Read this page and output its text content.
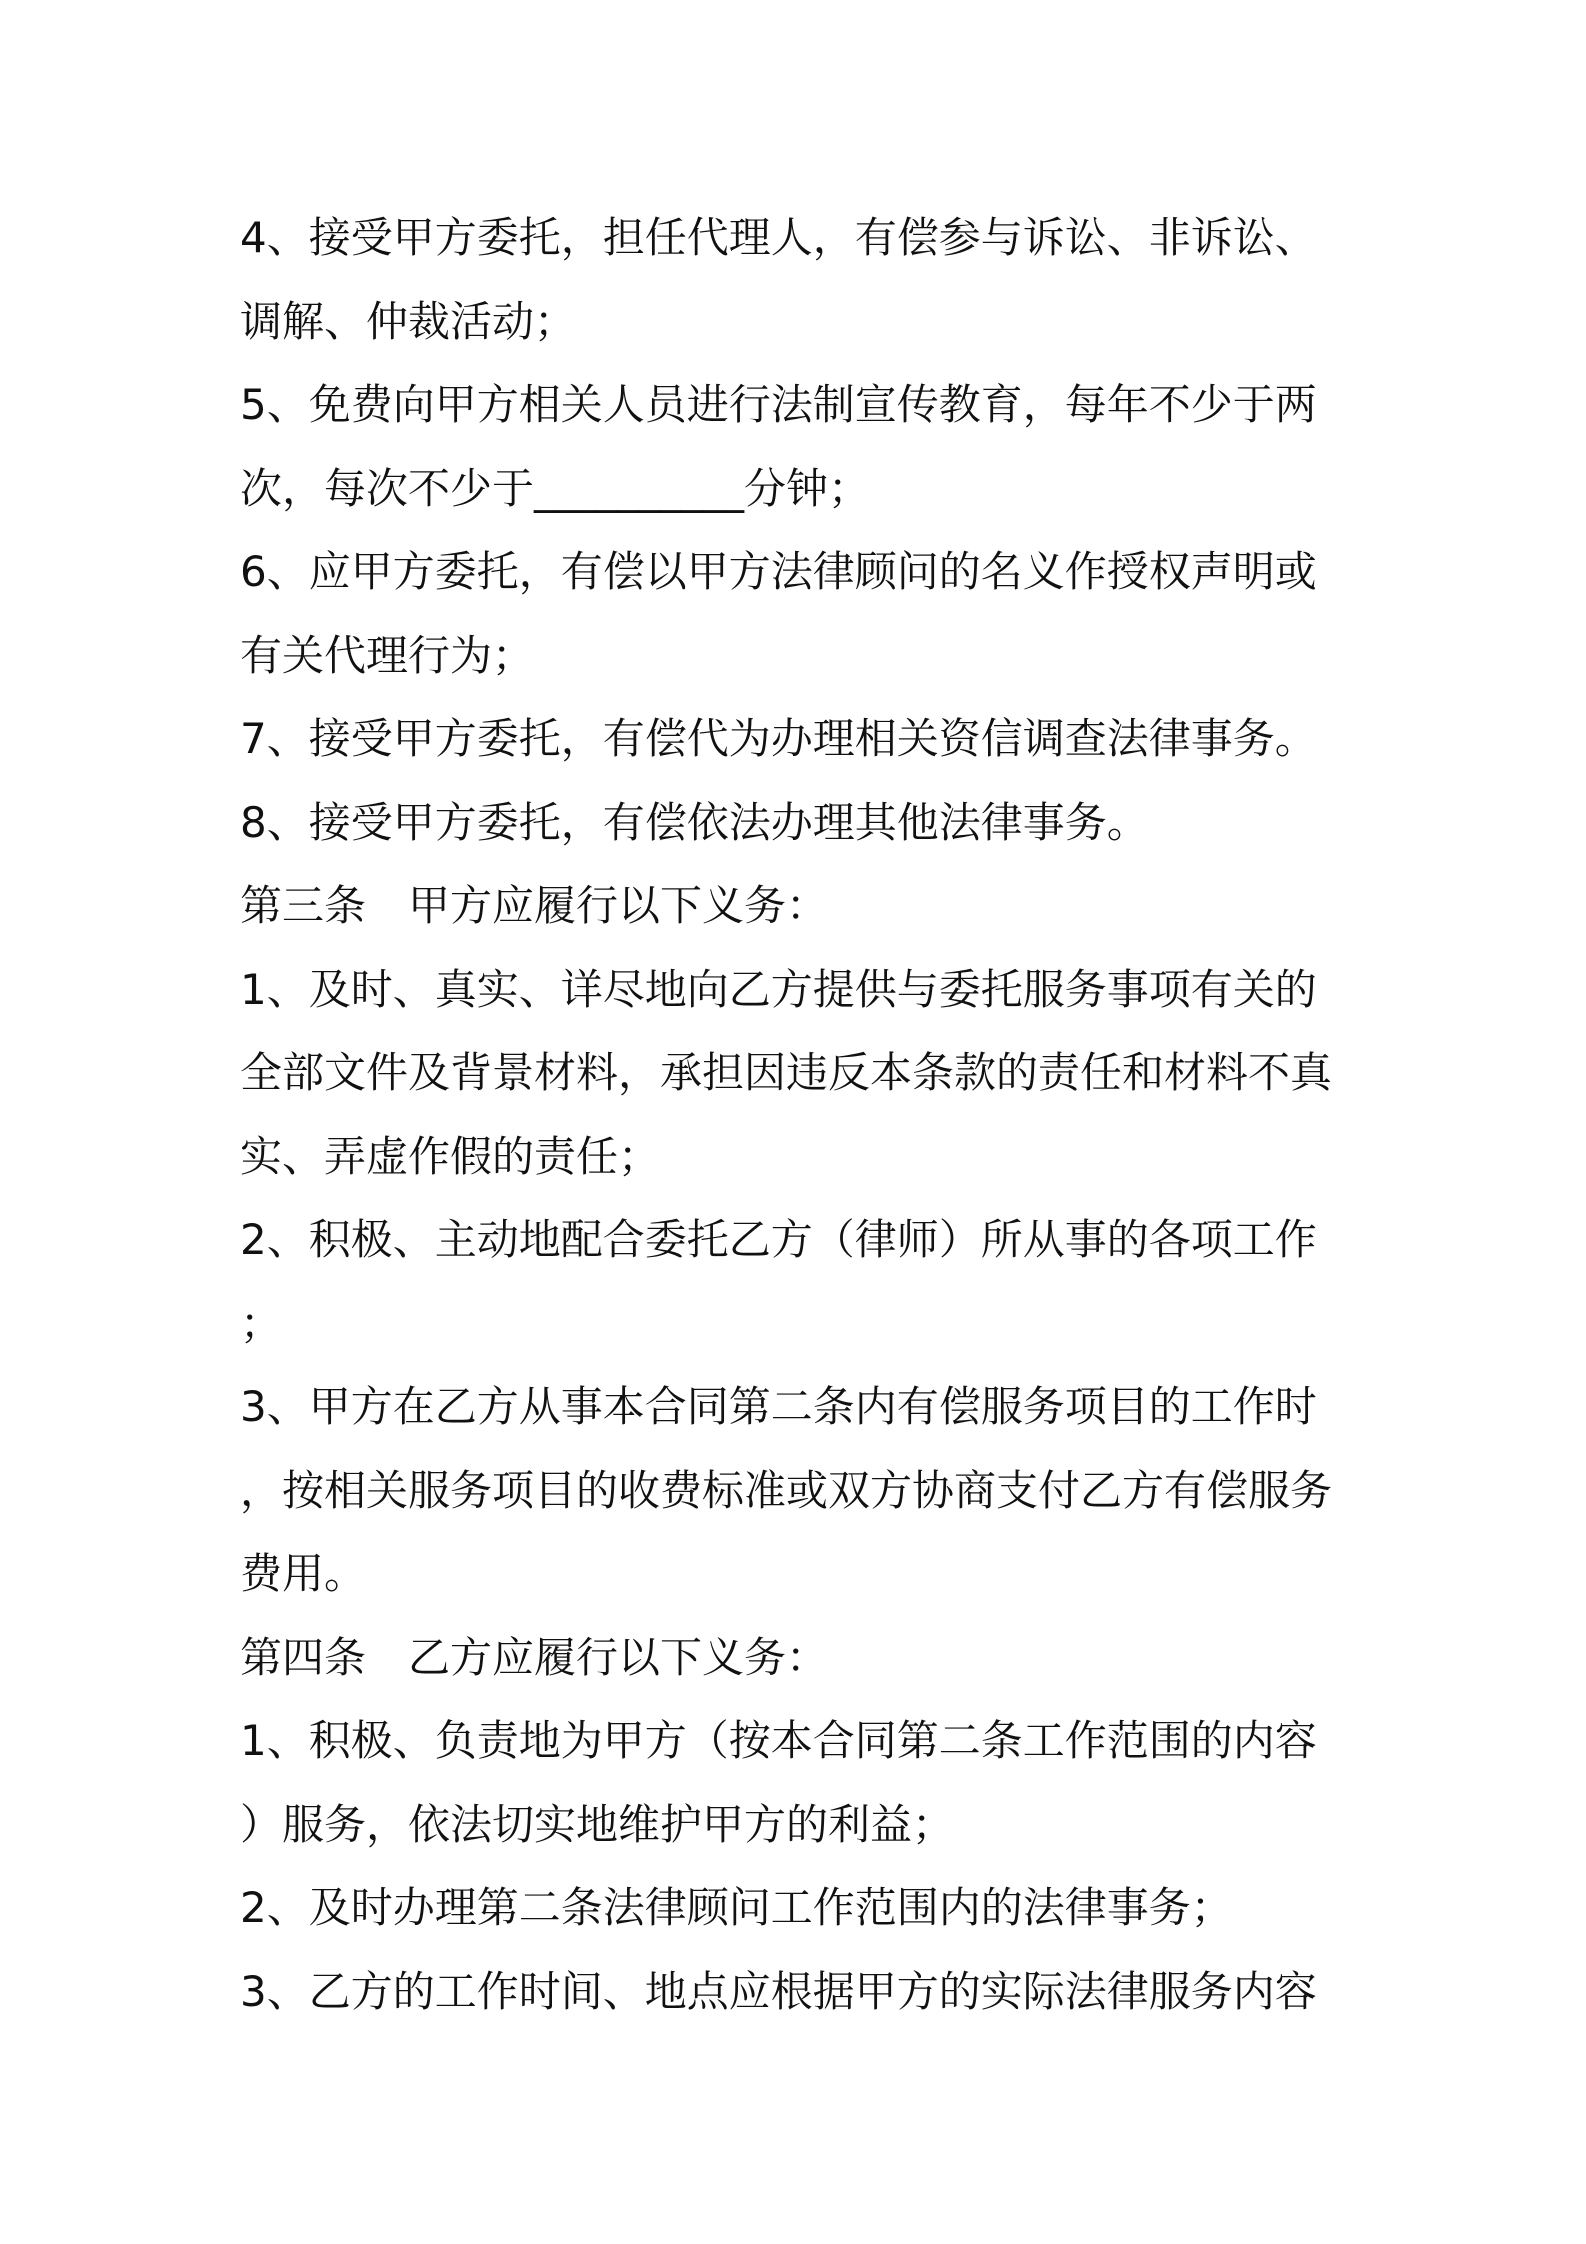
4、接受甲方委托，担任代理人，有偿参与诉讼、非诉讼、

调解、仲裁活动；

5、免费向甲方相关人员进行法制宣传教育，每年不少于两

次，每次不少于__________分钟；

6、应甲方委托，有偿以甲方法律顾问的名义作授权声明或

有关代理行为；

7、接受甲方委托，有偿代为办理相关资信调查法律事务。

8、接受甲方委托，有偿依法办理其他法律事务。

第三条　甲方应履行以下义务：

1、及时、真实、详尽地向乙方提供与委托服务事项有关的

全部文件及背景材料，承担因违反本条款的责任和材料不真

实、弄虚作假的责任；

2、积极、主动地配合委托乙方（律师）所从事的各项工作

；

3、甲方在乙方从事本合同第二条内有偿服务项目的工作时

，按相关服务项目的收费标准或双方协商支付乙方有偿服务

费用。

第四条　乙方应履行以下义务：

1、积极、负责地为甲方（按本合同第二条工作范围的内容

）服务，依法切实地维护甲方的利益；

2、及时办理第二条法律顾问工作范围内的法律事务；

3、乙方的工作时间、地点应根据甲方的实际法律服务内容
